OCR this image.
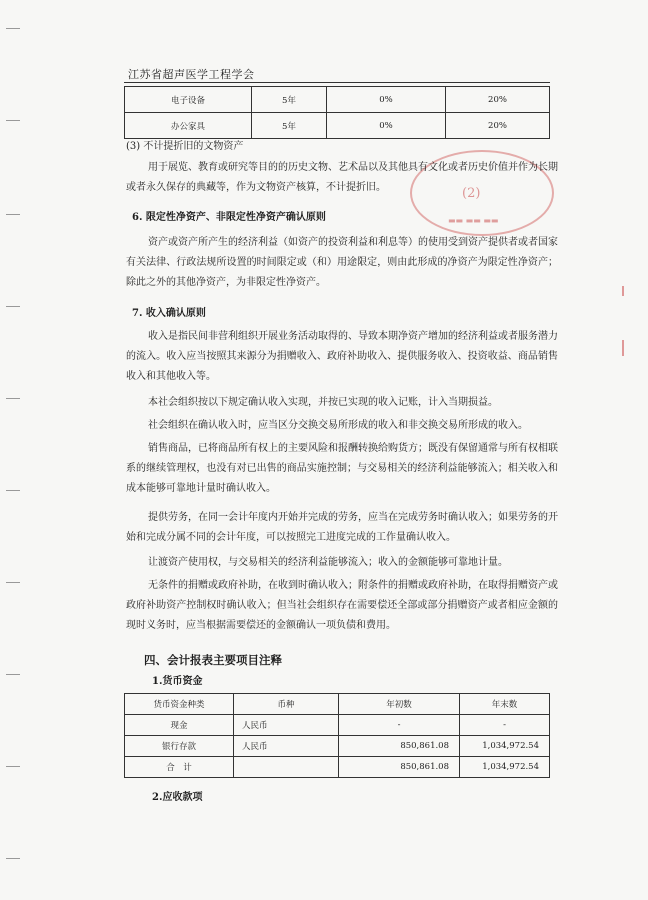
江苏省超声医学工程学会
电子设备	5年	0%	20%
办公家具	5年	0%	20%
(2)
▬▬ ▬▬ ▬▬
(3) 不计提折旧的文物资产
用于展览、教育或研究等目的的历史文物、艺术品以及其他具有文化或者历史价值并作为长期或者永久保存的典藏等，作为文物资产核算，不计提折旧。
6. 限定性净资产、非限定性净资产确认原则
资产或资产所产生的经济利益（如资产的投资利益和利息等）的使用受到资产提供者或者国家有关法律、行政法规所设置的时间限定或（和）用途限定，则由此形成的净资产为限定性净资产；除此之外的其他净资产，为非限定性净资产。
7. 收入确认原则
收入是指民间非营利组织开展业务活动取得的、导致本期净资产增加的经济利益或者服务潜力的流入。收入应当按照其来源分为捐赠收入、政府补助收入、提供服务收入、投资收益、商品销售收入和其他收入等。
本社会组织按以下规定确认收入实现，并按已实现的收入记账，计入当期损益。
社会组织在确认收入时，应当区分交换交易所形成的收入和非交换交易所形成的收入。
销售商品，已将商品所有权上的主要风险和报酬转换给购货方；既没有保留通常与所有权相联系的继续管理权，也没有对已出售的商品实施控制；与交易相关的经济利益能够流入；相关收入和成本能够可靠地计量时确认收入。
提供劳务，在同一会计年度内开始并完成的劳务，应当在完成劳务时确认收入；如果劳务的开始和完成分属不同的会计年度，可以按照完工进度完成的工作量确认收入。
让渡资产使用权，与交易相关的经济利益能够流入；收入的金额能够可靠地计量。
无条件的捐赠或政府补助，在收到时确认收入；附条件的捐赠或政府补助，在取得捐赠资产或政府补助资产控制权时确认收入；但当社会组织存在需要偿还全部或部分捐赠资产或者相应金额的现时义务时，应当根据需要偿还的金额确认一项负债和费用。
四、会计报表主要项目注释
1.货币资金
货币资金种类	币种	年初数	年末数
现金	人民币	-	-
银行存款	人民币	850,861.08	1,034,972.54
合　计		850,861.08	1,034,972.54
2.应收款项
